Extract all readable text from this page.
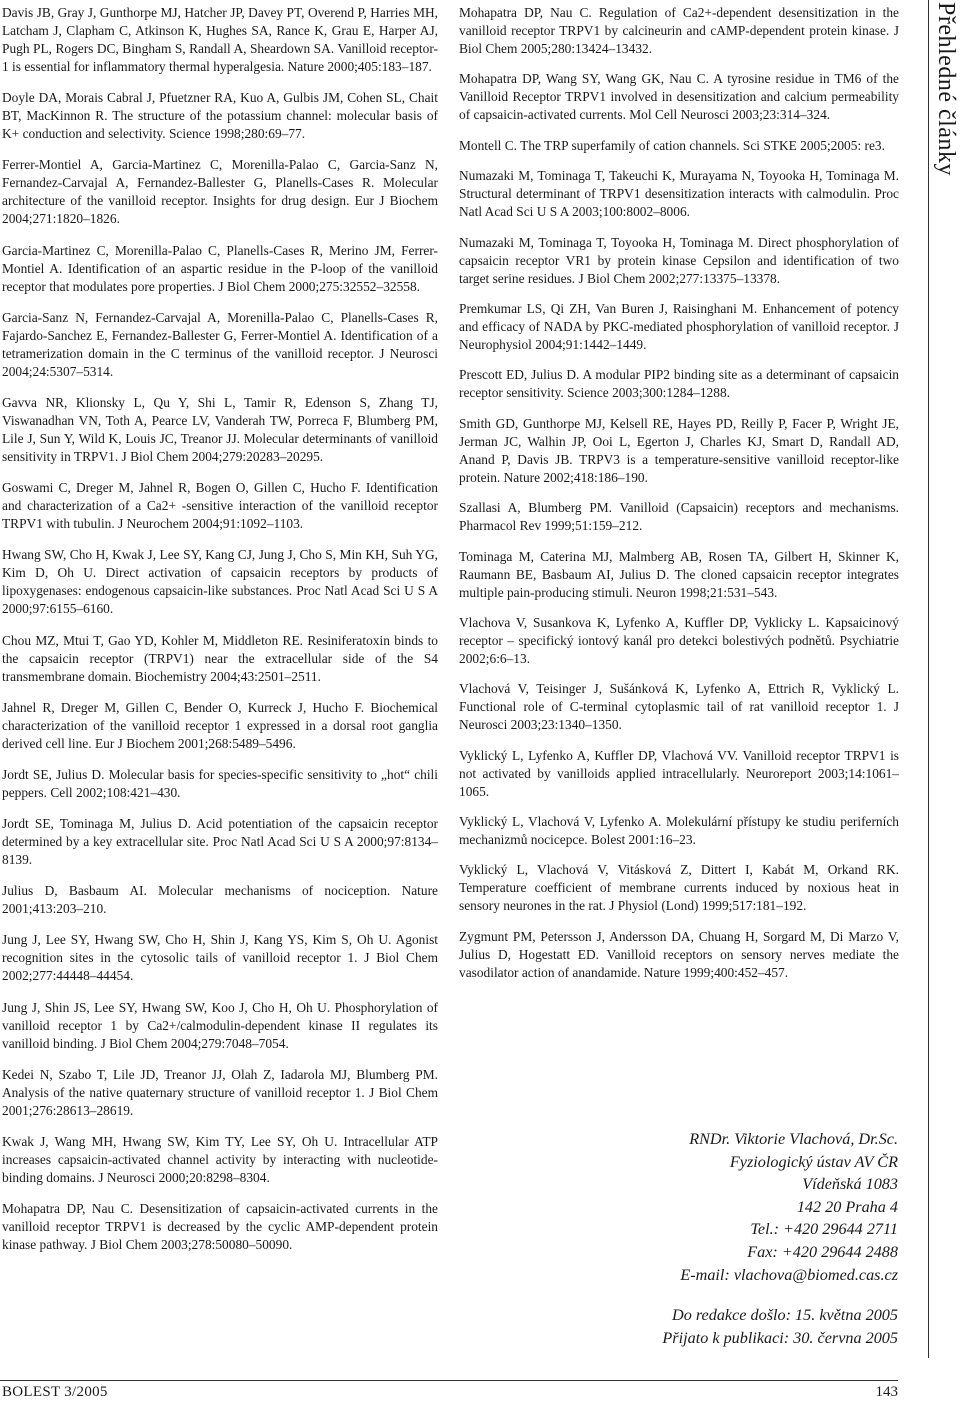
Davis JB, Gray J, Gunthorpe MJ, Hatcher JP, Davey PT, Overend P, Harries MH, Latcham J, Clapham C, Atkinson K, Hughes SA, Rance K, Grau E, Harper AJ, Pugh PL, Rogers DC, Bingham S, Randall A, Sheardown SA. Vanilloid receptor-1 is essential for inflammatory thermal hyperalgesia. Nature 2000;405:183–187.

Doyle DA, Morais Cabral J, Pfuetzner RA, Kuo A, Gulbis JM, Cohen SL, Chait BT, MacKinnon R. The structure of the potassium channel: molecular basis of K+ conduction and selectivity. Science 1998;280:69–77.

Ferrer-Montiel A, Garcia-Martinez C, Morenilla-Palao C, Garcia-Sanz N, Fernandez-Carvajal A, Fernandez-Ballester G, Planells-Cases R. Molecular architecture of the vanilloid receptor. Insights for drug design. Eur J Biochem 2004;271:1820–1826.

Garcia-Martinez C, Morenilla-Palao C, Planells-Cases R, Merino JM, Ferrer-Montiel A. Identification of an aspartic residue in the P-loop of the vanilloid receptor that modulates pore properties. J Biol Chem 2000;275:32552–32558.

Garcia-Sanz N, Fernandez-Carvajal A, Morenilla-Palao C, Planells-Cases R, Fajardo-Sanchez E, Fernandez-Ballester G, Ferrer-Montiel A. Identification of a tetramerization domain in the C terminus of the vanilloid receptor. J Neurosci 2004;24:5307–5314.

Gavva NR, Klionsky L, Qu Y, Shi L, Tamir R, Edenson S, Zhang TJ, Viswanadhan VN, Toth A, Pearce LV, Vanderah TW, Porreca F, Blumberg PM, Lile J, Sun Y, Wild K, Louis JC, Treanor JJ. Molecular determinants of vanilloid sensitivity in TRPV1. J Biol Chem 2004;279:20283–20295.

Goswami C, Dreger M, Jahnel R, Bogen O, Gillen C, Hucho F. Identification and characterization of a Ca2+ -sensitive interaction of the vanilloid receptor TRPV1 with tubulin. J Neurochem 2004;91:1092–1103.

Hwang SW, Cho H, Kwak J, Lee SY, Kang CJ, Jung J, Cho S, Min KH, Suh YG, Kim D, Oh U. Direct activation of capsaicin receptors by products of lipoxygenases: endogenous capsaicin-like substances. Proc Natl Acad Sci U S A 2000;97:6155–6160.

Chou MZ, Mtui T, Gao YD, Kohler M, Middleton RE. Resiniferatoxin binds to the capsaicin receptor (TRPV1) near the extracellular side of the S4 transmembrane domain. Biochemistry 2004;43:2501–2511.

Jahnel R, Dreger M, Gillen C, Bender O, Kurreck J, Hucho F. Biochemical characterization of the vanilloid receptor 1 expressed in a dorsal root ganglia derived cell line. Eur J Biochem 2001;268:5489–5496.

Jordt SE, Julius D. Molecular basis for species-specific sensitivity to „hot“ chili peppers. Cell 2002;108:421–430.

Jordt SE, Tominaga M, Julius D. Acid potentiation of the capsaicin receptor determined by a key extracellular site. Proc Natl Acad Sci U S A 2000;97:8134–8139.

Julius D, Basbaum AI. Molecular mechanisms of nociception. Nature 2001;413:203–210.

Jung J, Lee SY, Hwang SW, Cho H, Shin J, Kang YS, Kim S, Oh U. Agonist recognition sites in the cytosolic tails of vanilloid receptor 1. J Biol Chem 2002;277:44448–44454.

Jung J, Shin JS, Lee SY, Hwang SW, Koo J, Cho H, Oh U. Phosphorylation of vanilloid receptor 1 by Ca2+/calmodulin-dependent kinase II regulates its vanilloid binding. J Biol Chem 2004;279:7048–7054.

Kedei N, Szabo T, Lile JD, Treanor JJ, Olah Z, Iadarola MJ, Blumberg PM. Analysis of the native quaternary structure of vanilloid receptor 1. J Biol Chem 2001;276:28613–28619.

Kwak J, Wang MH, Hwang SW, Kim TY, Lee SY, Oh U. Intracellular ATP increases capsaicin-activated channel activity by interacting with nucleotide-binding domains. J Neurosci 2000;20:8298–8304.

Mohapatra DP, Nau C. Desensitization of capsaicin-activated currents in the vanilloid receptor TRPV1 is decreased by the cyclic AMP-dependent protein kinase pathway. J Biol Chem 2003;278:50080–50090.

Mohapatra DP, Nau C. Regulation of Ca2+-dependent desensitization in the vanilloid receptor TRPV1 by calcineurin and cAMP-dependent protein kinase. J Biol Chem 2005;280:13424–13432.

Mohapatra DP, Wang SY, Wang GK, Nau C. A tyrosine residue in TM6 of the Vanilloid Receptor TRPV1 involved in desensitization and calcium permeability of capsaicin-activated currents. Mol Cell Neurosci 2003;23:314–324.

Montell C. The TRP superfamily of cation channels. Sci STKE 2005;2005: re3.

Numazaki M, Tominaga T, Takeuchi K, Murayama N, Toyooka H, Tominaga M. Structural determinant of TRPV1 desensitization interacts with calmodulin. Proc Natl Acad Sci U S A 2003;100:8002–8006.

Numazaki M, Tominaga T, Toyooka H, Tominaga M. Direct phosphorylation of capsaicin receptor VR1 by protein kinase Cepsilon and identification of two target serine residues. J Biol Chem 2002;277:13375–13378.

Premkumar LS, Qi ZH, Van Buren J, Raisinghani M. Enhancement of potency and efficacy of NADA by PKC-mediated phosphorylation of vanilloid receptor. J Neurophysiol 2004;91:1442–1449.

Prescott ED, Julius D. A modular PIP2 binding site as a determinant of capsaicin receptor sensitivity. Science 2003;300:1284–1288.

Smith GD, Gunthorpe MJ, Kelsell RE, Hayes PD, Reilly P, Facer P, Wright JE, Jerman JC, Walhin JP, Ooi L, Egerton J, Charles KJ, Smart D, Randall AD, Anand P, Davis JB. TRPV3 is a temperature-sensitive vanilloid receptor-like protein. Nature 2002;418:186–190.

Szallasi A, Blumberg PM. Vanilloid (Capsaicin) receptors and mechanisms. Pharmacol Rev 1999;51:159–212.

Tominaga M, Caterina MJ, Malmberg AB, Rosen TA, Gilbert H, Skinner K, Raumann BE, Basbaum AI, Julius D. The cloned capsaicin receptor integrates multiple pain-producing stimuli. Neuron 1998;21:531–543.

Vlachova V, Susankova K, Lyfenko A, Kuffler DP, Vyklicky L. Kapsaicinový receptor – specifický iontový kanál pro detekci bolestivých podnětů. Psychiatrie 2002;6:6–13.

Vlachová V, Teisinger J, Sušánková K, Lyfenko A, Ettrich R, Vyklický L. Functional role of C-terminal cytoplasmic tail of rat vanilloid receptor 1. J Neurosci 2003;23:1340–1350.

Vyklický L, Lyfenko A, Kuffler DP, Vlachová VV. Vanilloid receptor TRPV1 is not activated by vanilloids applied intracellularly. Neuroreport 2003;14:1061–1065.

Vyklický L, Vlachová V, Lyfenko A. Molekulární přístupy ke studiu periferních mechanizmů nocicepce. Bolest 2001:16–23.

Vyklický L, Vlachová V, Vitásková Z, Dittert I, Kabát M, Orkand RK. Temperature coefficient of membrane currents induced by noxious heat in sensory neurones in the rat. J Physiol (Lond) 1999;517:181–192.

Zygmunt PM, Petersson J, Andersson DA, Chuang H, Sorgard M, Di Marzo V, Julius D, Hogestatt ED. Vanilloid receptors on sensory nerves mediate the vasodilator action of anandamide. Nature 1999;400:452–457.

Přehledné články
RNDr. Viktorie Vlachová, Dr.Sc.
Fyziologický ústav AV ČR
Vídeňská 1083
142 20 Praha 4
Tel.: +420 29644 2711
Fax: +420 29644 2488
E-mail: vlachova@biomed.cas.cz
Do redakce došlo: 15. května 2005
Přijato k publikaci: 30. června 2005
BOLEST 3/2005	143
